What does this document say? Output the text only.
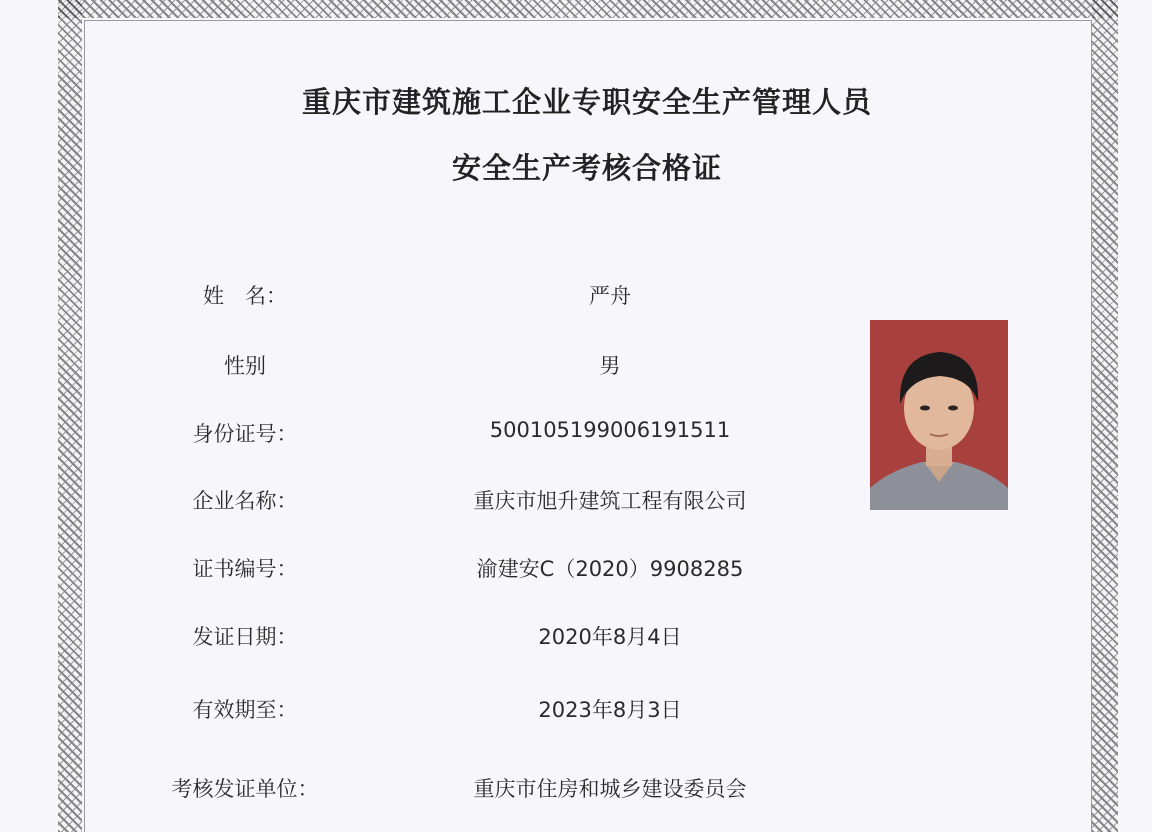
重庆市建筑施工企业专职安全生产管理人员
安全生产考核合格证
姓　名：	严舟
性别	男
身份证号：	500105199006191511
企业名称：	重庆市旭升建筑工程有限公司
证书编号：	渝建安C（2020）9908285
发证日期：	2020年8月4日
有效期至：	2023年8月3日
考核发证单位：	重庆市住房和城乡建设委员会
